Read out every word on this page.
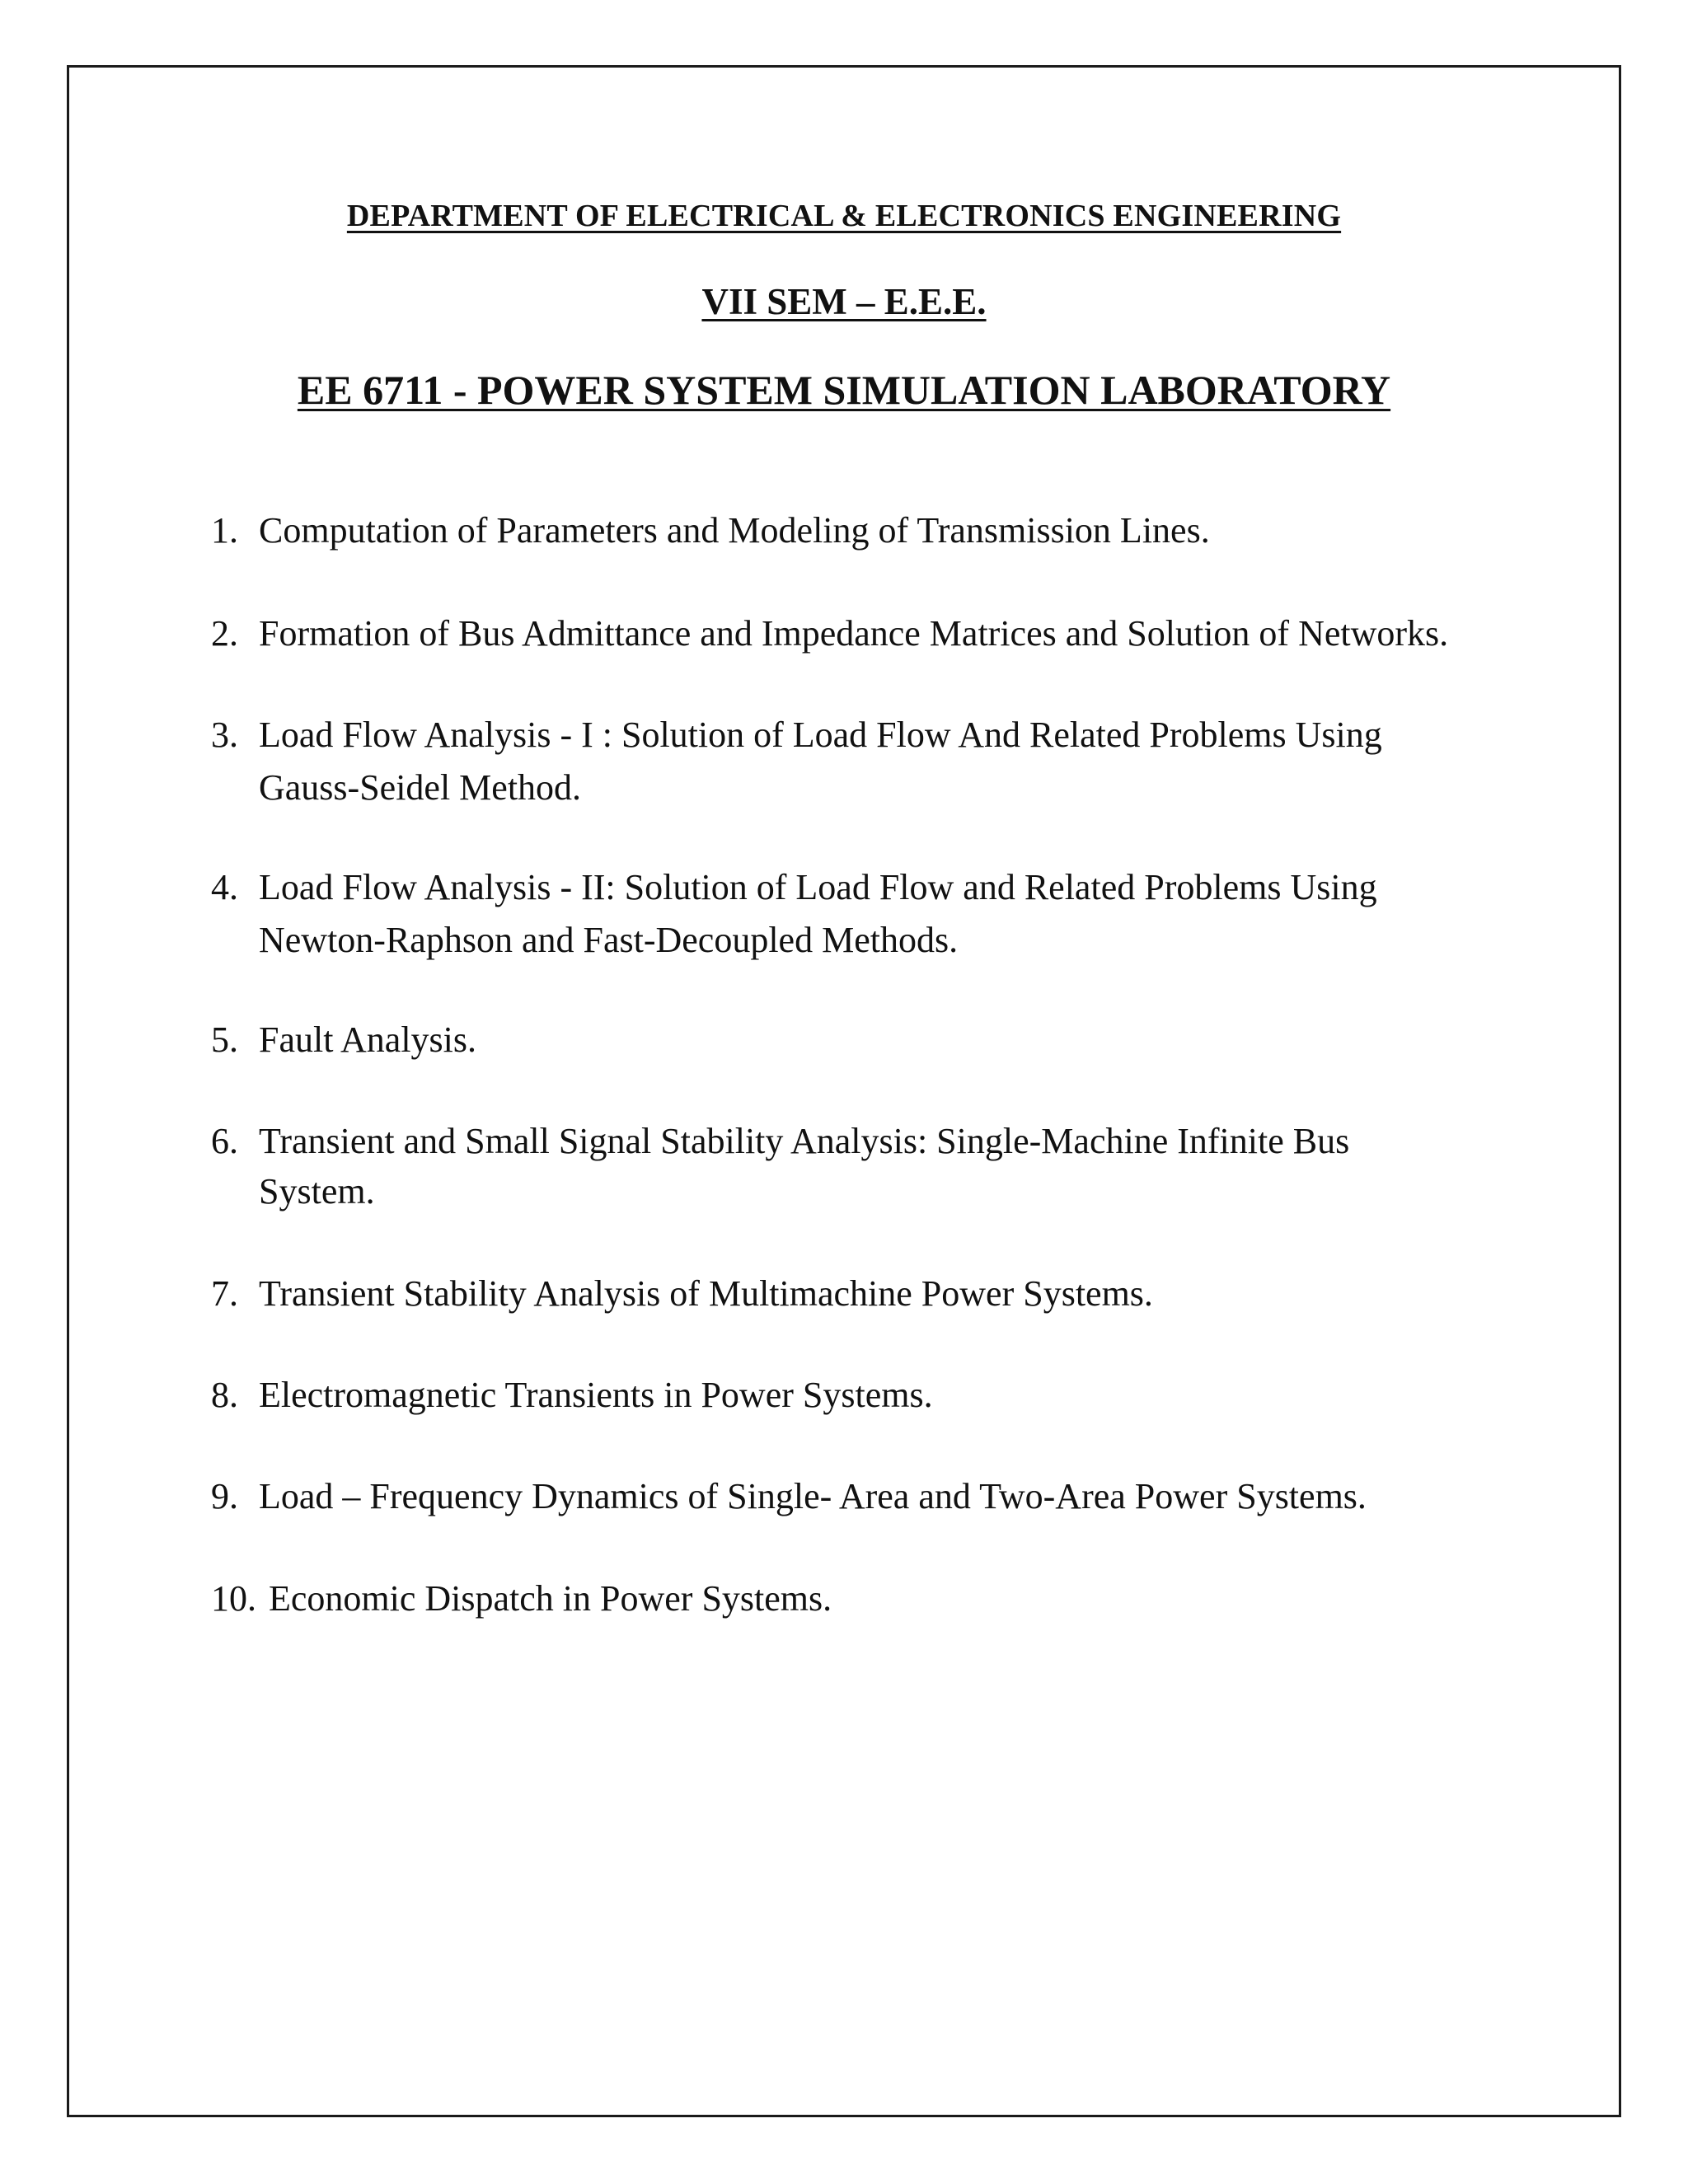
DEPARTMENT OF ELECTRICAL & ELECTRONICS ENGINEERING
VII SEM – E.E.E.
EE 6711 - POWER SYSTEM SIMULATION LABORATORY
1. Computation of Parameters and Modeling of Transmission Lines.
2. Formation of Bus Admittance and Impedance Matrices and Solution of Networks.
3. Load Flow Analysis - I : Solution of Load Flow And Related Problems Using
Gauss-Seidel Method.
4. Load Flow Analysis - II: Solution of Load Flow and Related Problems Using
Newton-Raphson and Fast-Decoupled Methods.
5. Fault Analysis.
6. Transient and Small Signal Stability Analysis: Single-Machine Infinite Bus
System.
7. Transient Stability Analysis of Multimachine Power Systems.
8. Electromagnetic Transients in Power Systems.
9. Load – Frequency Dynamics of Single- Area and Two-Area Power Systems.
10. Economic Dispatch in Power Systems.
